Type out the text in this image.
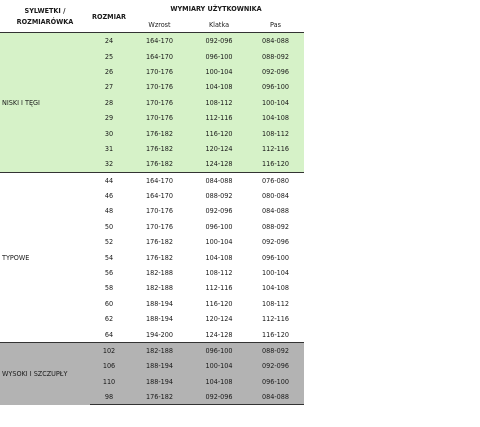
SYLWETKI /
ROZMIARÓWKA	ROZMIAR	WYMIARY UŻYTKOWNIKA		
		Wzrost	Klatka	Pas
NISKI I TĘGI	24	164-170	092-096	084-088
	25	164-170	096-100	088-092
	26	170-176	100-104	092-096
	27	170-176	104-108	096-100
	28	170-176	108-112	100-104
	29	170-176	112-116	104-108
	30	176-182	116-120	108-112
	31	176-182	120-124	112-116
	32	176-182	124-128	116-120
TYPOWE	44	164-170	084-088	076-080
	46	164-170	088-092	080-084
	48	170-176	092-096	084-088
	50	170-176	096-100	088-092
	52	176-182	100-104	092-096
	54	176-182	104-108	096-100
	56	182-188	108-112	100-104
	58	182-188	112-116	104-108
	60	188-194	116-120	108-112
	62	188-194	120-124	112-116
	64	194-200	124-128	116-120
WYSOKI I SZCZUPŁY	102	182-188	096-100	088-092
	106	188-194	100-104	092-096
	110	188-194	104-108	096-100
	98	176-182	092-096	084-088
